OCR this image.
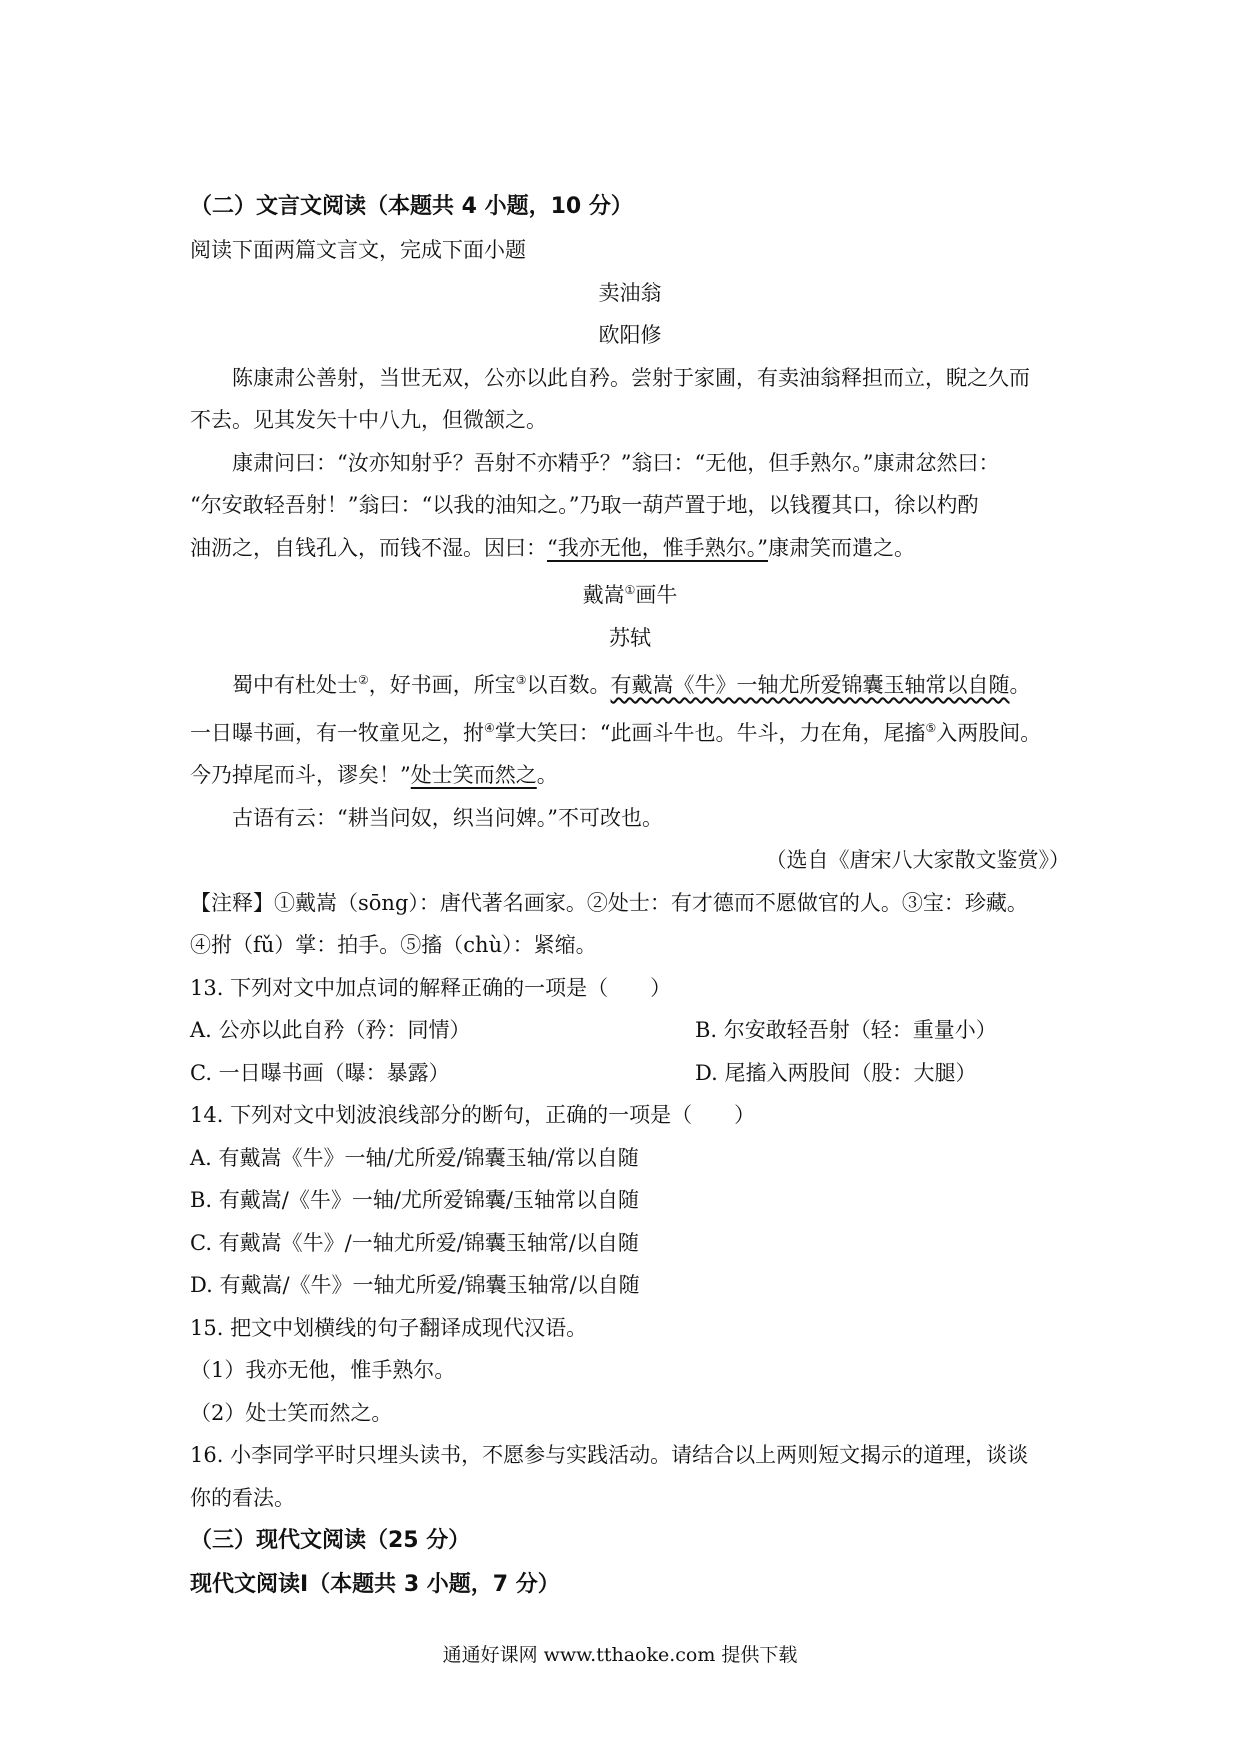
（二）文言文阅读（本题共 4 小题，10 分）

阅读下面两篇文言文，完成下面小题

卖油翁

欧阳修

陈康肃公善射，当世无双，公亦以此自矜。尝射于家圃，有卖油翁释担而立，睨之久而

不去。见其发矢十中八九，但微颔之。

康肃问曰：“汝亦知射乎？吾射不亦精乎？”翁曰：“无他，但手熟尔。”康肃忿然曰：

“尔安敢轻吾射！”翁曰：“以我的油知之。”乃取一葫芦置于地，以钱覆其口，徐以杓酌

油沥之，自钱孔入，而钱不湿。因曰：“我亦无他，惟手熟尔。”康肃笑而遣之。

戴嵩①画牛

苏轼

蜀中有杜处士②，好书画，所宝③以百数。有戴嵩《牛》一轴尤所爱锦囊玉轴常以自随。

一日曝书画，有一牧童见之，拊④掌大笑曰：“此画斗牛也。牛斗，力在角，尾搐⑤入两股间。

今乃掉尾而斗，谬矣！”处士笑而然之。

古语有云：“耕当问奴，织当问婢。”不可改也。

（选自《唐宋八大家散文鉴赏》）

【注释】①戴嵩（sōng）：唐代著名画家。②处士：有才德而不愿做官的人。③宝：珍藏。

④拊（fǔ）掌：拍手。⑤搐（chù）：紧缩。

13. 下列对文中加点词的解释正确的一项是（　　）

A. 公亦以此自矜（矜：同情）	B. 尔安敢轻吾射（轻：重量小）
C. 一日曝书画（曝：暴露）	D. 尾搐入两股间（股：大腿）

14. 下列对文中划波浪线部分的断句，正确的一项是（　　）

A. 有戴嵩《牛》一轴/尤所爱/锦囊玉轴/常以自随

B. 有戴嵩/《牛》一轴/尤所爱锦囊/玉轴常以自随

C. 有戴嵩《牛》/一轴尤所爱/锦囊玉轴常/以自随

D. 有戴嵩/《牛》一轴尤所爱/锦囊玉轴常/以自随

15. 把文中划横线的句子翻译成现代汉语。

（1）我亦无他，惟手熟尔。

（2）处士笑而然之。

16. 小李同学平时只埋头读书，不愿参与实践活动。请结合以上两则短文揭示的道理，谈谈

你的看法。

（三）现代文阅读（25 分）

现代文阅读Ⅰ（本题共 3 小题，7 分）

通通好课网 www.tthaoke.com 提供下载
